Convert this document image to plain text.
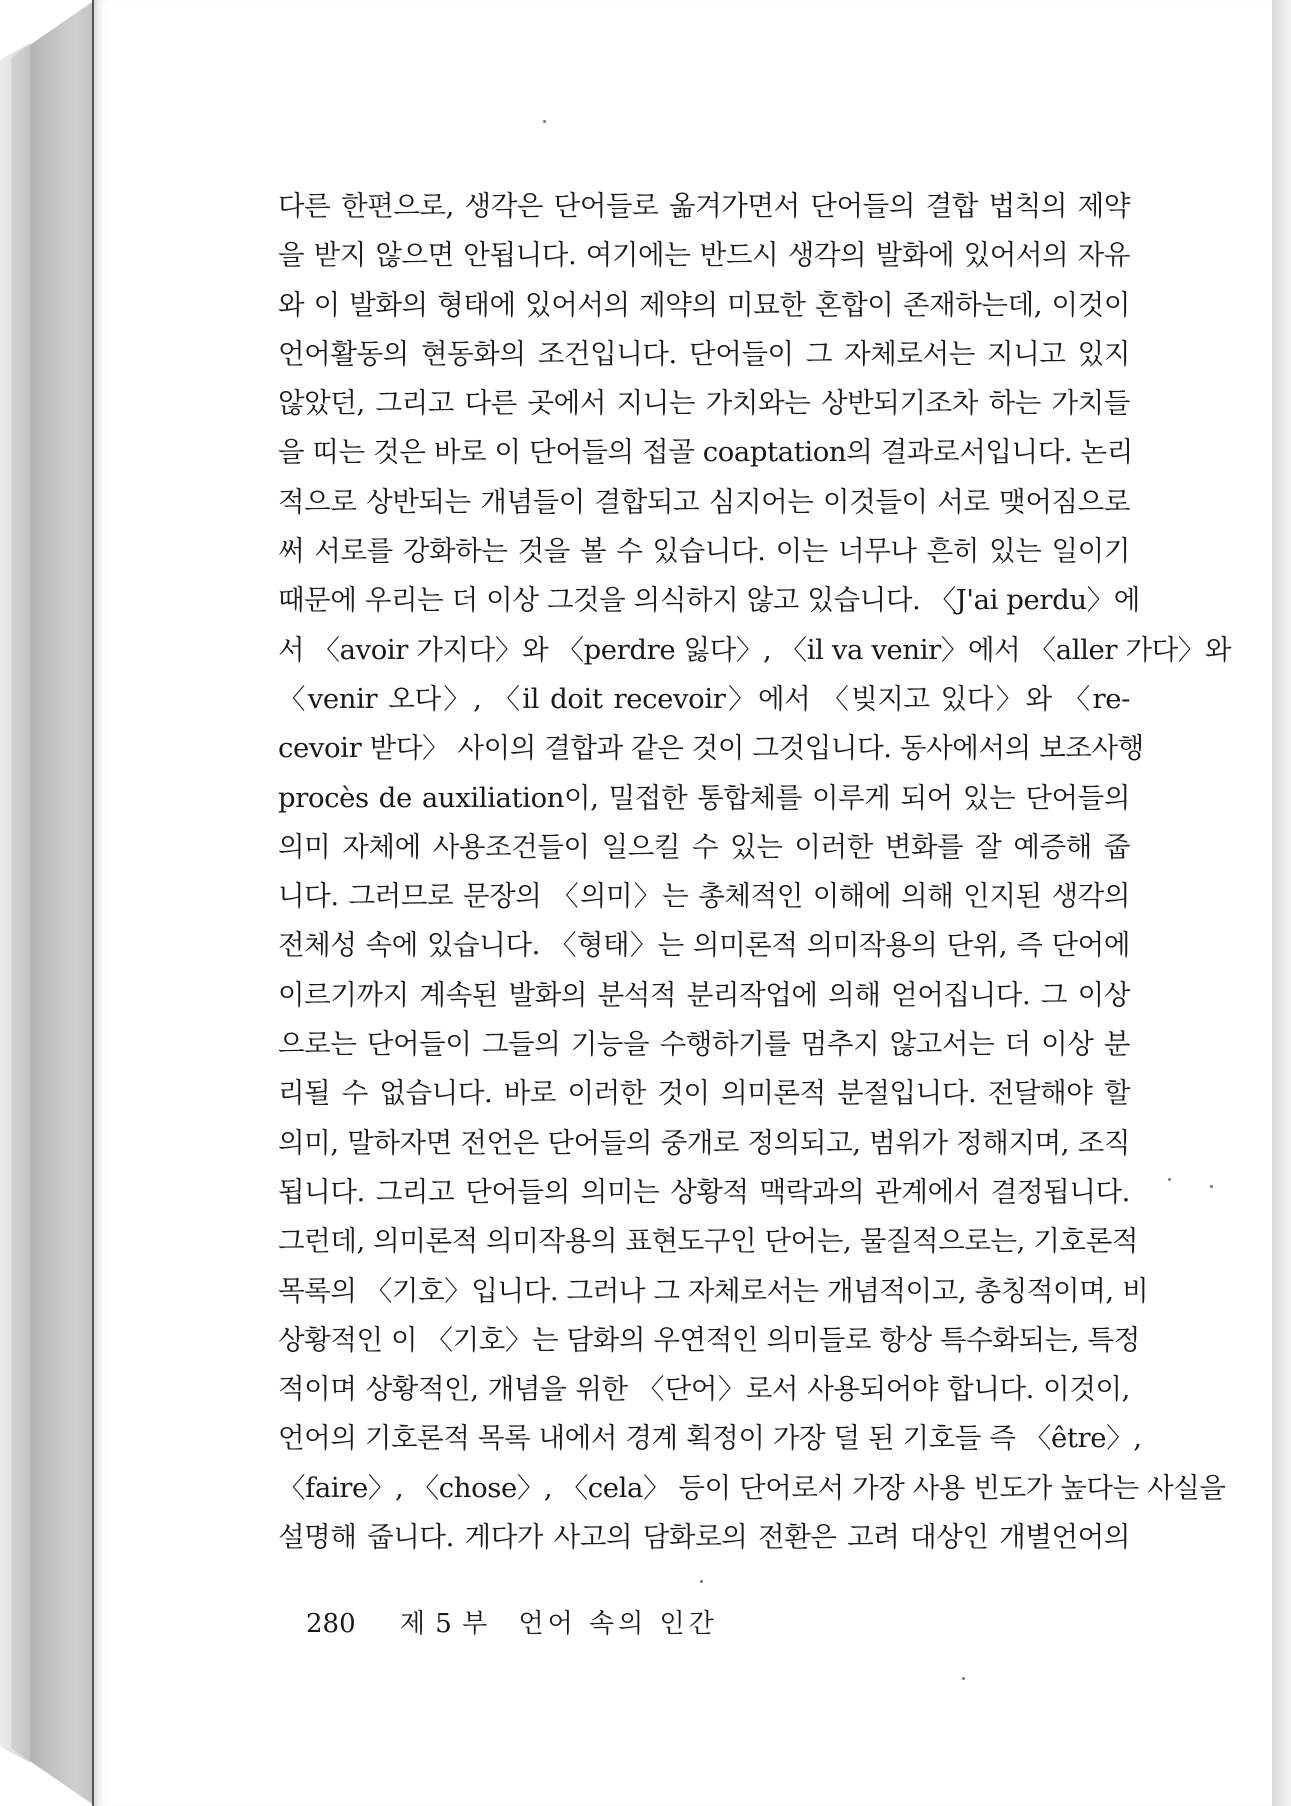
다른 한편으로, 생각은 단어들로 옮겨가면서 단어들의 결합 법칙의 제약
을 받지 않으면 안됩니다. 여기에는 반드시 생각의 발화에 있어서의 자유
와 이 발화의 형태에 있어서의 제약의 미묘한 혼합이 존재하는데, 이것이
언어활동의 현동화의 조건입니다. 단어들이 그 자체로서는 지니고 있지
않았던, 그리고 다른 곳에서 지니는 가치와는 상반되기조차 하는 가치들
을 띠는 것은 바로 이 단어들의 접골 coaptation의 결과로서입니다. 논리
적으로 상반되는 개념들이 결합되고 심지어는 이것들이 서로 맺어짐으로
써 서로를 강화하는 것을 볼 수 있습니다. 이는 너무나 흔히 있는 일이기
때문에 우리는 더 이상 그것을 의식하지 않고 있습니다. 〈J'ai perdu〉에
서 〈avoir 가지다〉와 〈perdre 잃다〉, 〈il va venir〉에서 〈aller 가다〉와
〈venir 오다〉, 〈il doit recevoir〉에서 〈빚지고 있다〉와 〈re-
cevoir 받다〉 사이의 결합과 같은 것이 그것입니다. 동사에서의 보조사행
procès de auxiliation이, 밀접한 통합체를 이루게 되어 있는 단어들의
의미 자체에 사용조건들이 일으킬 수 있는 이러한 변화를 잘 예증해 줍
니다. 그러므로 문장의 〈의미〉는 총체적인 이해에 의해 인지된 생각의
전체성 속에 있습니다. 〈형태〉는 의미론적 의미작용의 단위, 즉 단어에
이르기까지 계속된 발화의 분석적 분리작업에 의해 얻어집니다. 그 이상
으로는 단어들이 그들의 기능을 수행하기를 멈추지 않고서는 더 이상 분
리될 수 없습니다. 바로 이러한 것이 의미론적 분절입니다. 전달해야 할
의미, 말하자면 전언은 단어들의 중개로 정의되고, 범위가 정해지며, 조직
됩니다. 그리고 단어들의 의미는 상황적 맥락과의 관계에서 결정됩니다.
그런데, 의미론적 의미작용의 표현도구인 단어는, 물질적으로는, 기호론적
목록의 〈기호〉입니다. 그러나 그 자체로서는 개념적이고, 총칭적이며, 비
상황적인 이 〈기호〉는 담화의 우연적인 의미들로 항상 특수화되는, 특정
적이며 상황적인, 개념을 위한 〈단어〉로서 사용되어야 합니다. 이것이,
언어의 기호론적 목록 내에서 경계 획정이 가장 덜 된 기호들 즉 〈être〉,
〈faire〉, 〈chose〉, 〈cela〉 등이 단어로서 가장 사용 빈도가 높다는 사실을
설명해 줍니다. 게다가 사고의 담화로의 전환은 고려 대상인 개별언어의
280 제 5 부 언어 속의 인간
